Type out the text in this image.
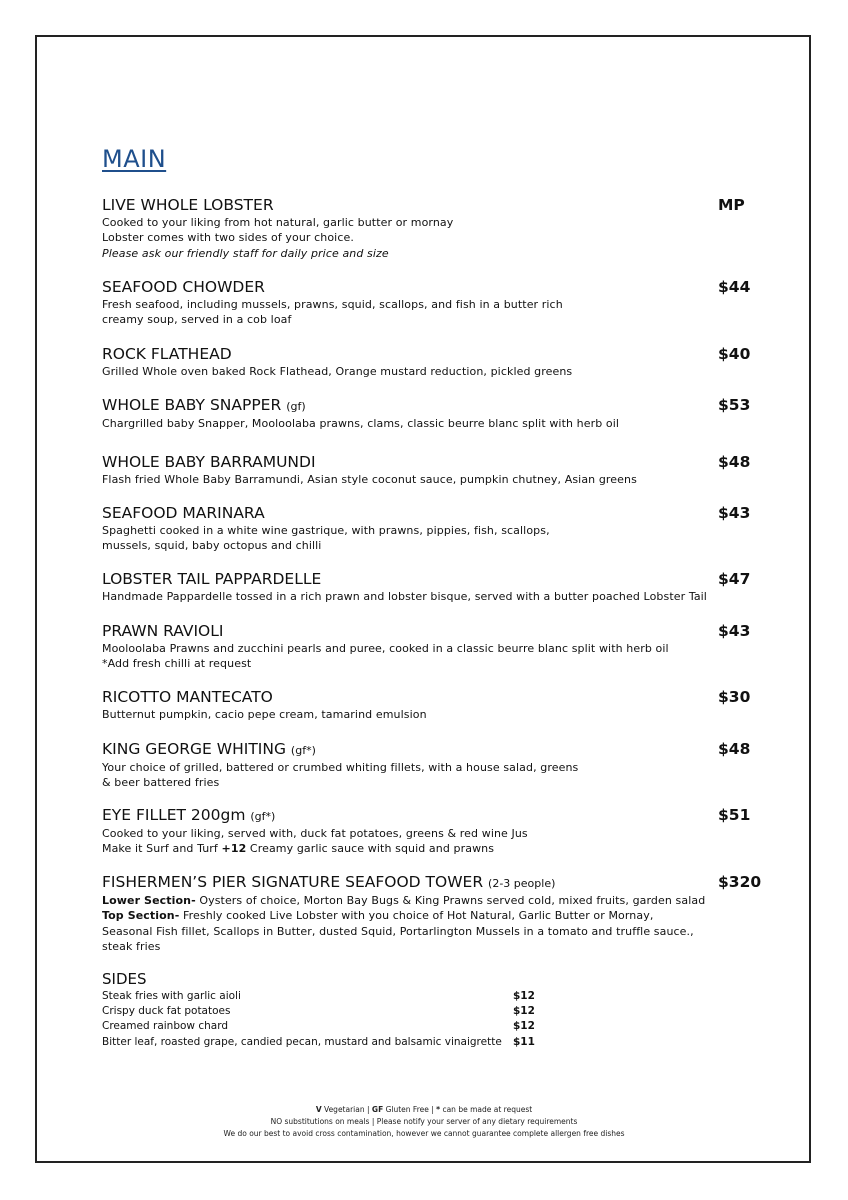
MAIN
LIVE WHOLE LOBSTER	MP
Cooked to your liking from hot natural, garlic butter or mornay
Lobster comes with two sides of your choice.
Please ask our friendly staff for daily price and size
SEAFOOD CHOWDER	$44
Fresh seafood, including mussels, prawns, squid, scallops, and fish in a butter rich
creamy soup, served in a cob loaf
ROCK FLATHEAD	$40
Grilled Whole oven baked Rock Flathead, Orange mustard reduction, pickled greens
WHOLE BABY SNAPPER (gf)	$53
Chargrilled baby Snapper, Mooloolaba prawns, clams, classic beurre blanc split with herb oil
WHOLE BABY BARRAMUNDI	$48
Flash fried Whole Baby Barramundi, Asian style coconut sauce, pumpkin chutney, Asian greens
SEAFOOD MARINARA	$43
Spaghetti cooked in a white wine gastrique, with prawns, pippies, fish, scallops,
mussels, squid, baby octopus and chilli
LOBSTER TAIL PAPPARDELLE	$47
Handmade Pappardelle tossed in a rich prawn and lobster bisque, served with a butter poached Lobster Tail
PRAWN RAVIOLI	$43
Mooloolaba Prawns and zucchini pearls and puree, cooked in a classic beurre blanc split with herb oil
*Add fresh chilli at request
RICOTTO MANTECATO	$30
Butternut pumpkin, cacio pepe cream, tamarind emulsion
KING GEORGE WHITING (gf*)	$48
Your choice of grilled, battered or crumbed whiting fillets, with a house salad, greens
& beer battered fries
EYE FILLET 200gm (gf*)	$51
Cooked to your liking, served with, duck fat potatoes, greens & red wine Jus
Make it Surf and Turf +12 Creamy garlic sauce with squid and prawns
FISHERMEN’S PIER SIGNATURE SEAFOOD TOWER (2-3 people)	$320
Lower Section- Oysters of choice, Morton Bay Bugs & King Prawns served cold, mixed fruits, garden salad
Top Section- Freshly cooked Live Lobster with you choice of Hot Natural, Garlic Butter or Mornay,
Seasonal Fish fillet, Scallops in Butter, dusted Squid, Portarlington Mussels in a tomato and truffle sauce.,
steak fries
SIDES
Steak fries with garlic aioli	$12
Crispy duck fat potatoes	$12
Creamed rainbow chard	$12
Bitter leaf, roasted grape, candied pecan, mustard and balsamic vinaigrette $11
V Vegetarian | GF Gluten Free | * can be made at request
NO substitutions on meals | Please notify your server of any dietary requirements
We do our best to avoid cross contamination, however we cannot guarantee complete allergen free dishes
